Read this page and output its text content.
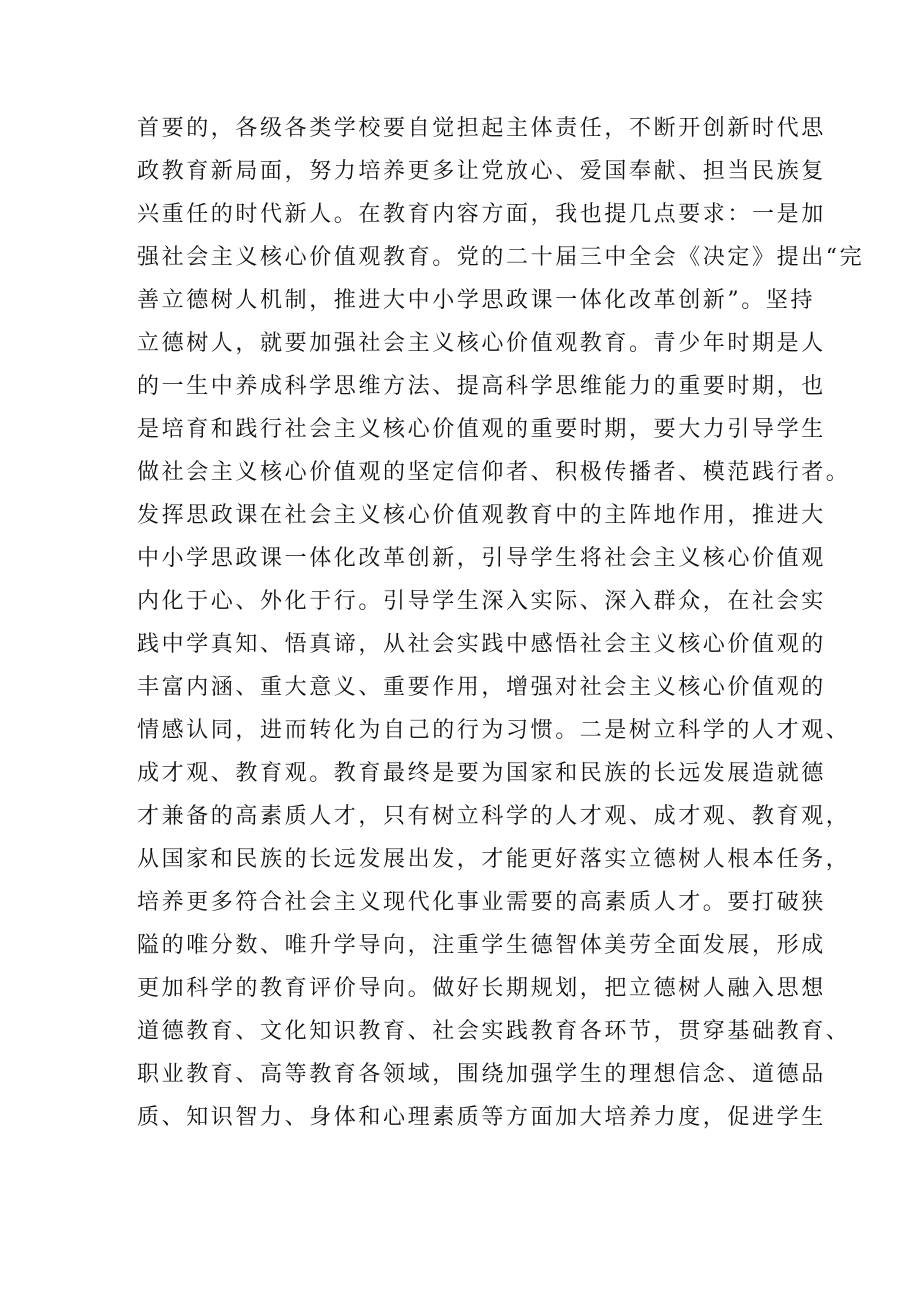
首要的，各级各类学校要自觉担起主体责任，不断开创新时代思
政教育新局面，努力培养更多让党放心、爱国奉献、担当民族复
兴重任的时代新人。在教育内容方面，我也提几点要求：一是加
强社会主义核心价值观教育。党的二十届三中全会《决定》提出“完
善立德树人机制，推进大中小学思政课一体化改革创新”。坚持
立德树人，就要加强社会主义核心价值观教育。青少年时期是人
的一生中养成科学思维方法、提高科学思维能力的重要时期，也
是培育和践行社会主义核心价值观的重要时期，要大力引导学生
做社会主义核心价值观的坚定信仰者、积极传播者、模范践行者。
发挥思政课在社会主义核心价值观教育中的主阵地作用，推进大
中小学思政课一体化改革创新，引导学生将社会主义核心价值观
内化于心、外化于行。引导学生深入实际、深入群众，在社会实
践中学真知、悟真谛，从社会实践中感悟社会主义核心价值观的
丰富内涵、重大意义、重要作用，增强对社会主义核心价值观的
情感认同，进而转化为自己的行为习惯。二是树立科学的人才观、
成才观、教育观。教育最终是要为国家和民族的长远发展造就德
才兼备的高素质人才，只有树立科学的人才观、成才观、教育观，
从国家和民族的长远发展出发，才能更好落实立德树人根本任务，
培养更多符合社会主义现代化事业需要的高素质人才。要打破狭
隘的唯分数、唯升学导向，注重学生德智体美劳全面发展，形成
更加科学的教育评价导向。做好长期规划，把立德树人融入思想
道德教育、文化知识教育、社会实践教育各环节，贯穿基础教育、
职业教育、高等教育各领域，围绕加强学生的理想信念、道德品
质、知识智力、身体和心理素质等方面加大培养力度，促进学生
